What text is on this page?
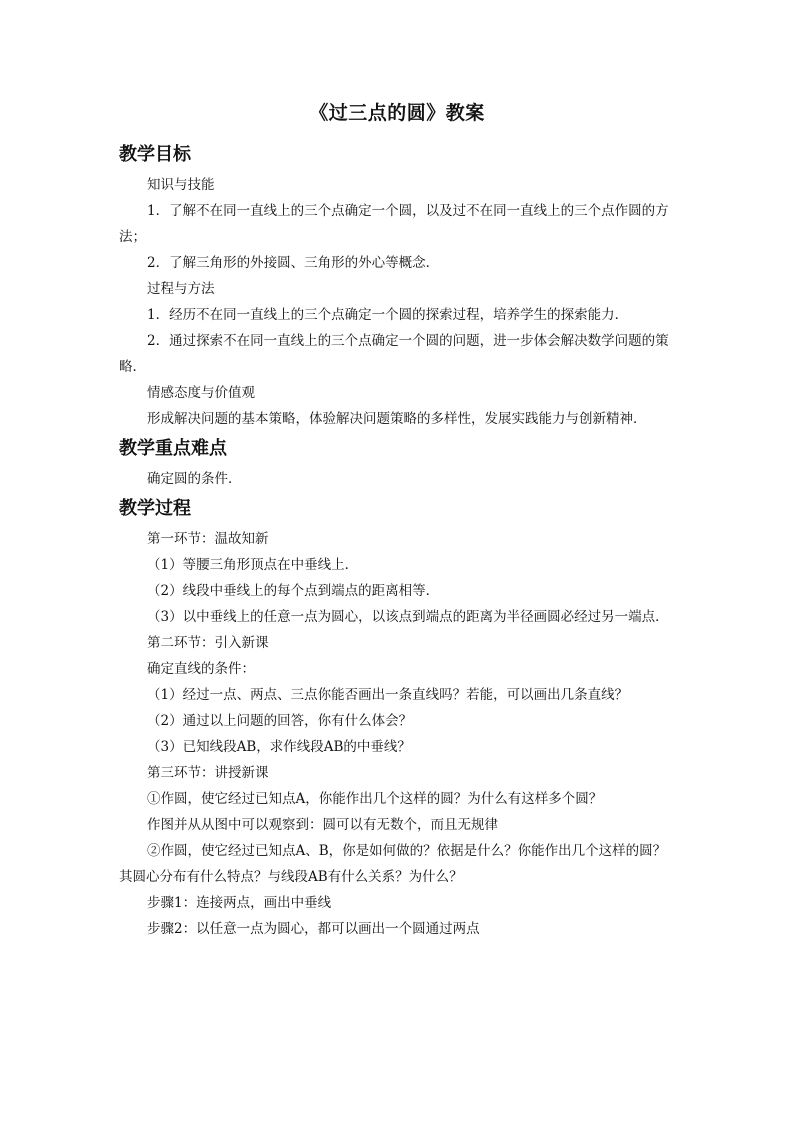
《过三点的圆》教案
教学目标
知识与技能

1．了解不在同一直线上的三个点确定一个圆，以及过不在同一直线上的三个点作圆的方法；

2．了解三角形的外接圆、三角形的外心等概念．

过程与方法

1．经历不在同一直线上的三个点确定一个圆的探索过程，培养学生的探索能力．

2．通过探索不在同一直线上的三个点确定一个圆的问题，进一步体会解决数学问题的策略．

情感态度与价值观

形成解决问题的基本策略，体验解决问题策略的多样性，发展实践能力与创新精神．

教学重点难点

确定圆的条件．

教学过程
第一环节：温故知新

（1）等腰三角形顶点在中垂线上．

（2）线段中垂线上的每个点到端点的距离相等．

（3）以中垂线上的任意一点为圆心，以该点到端点的距离为半径画圆必经过另一端点．

第二环节：引入新课

确定直线的条件：

（1）经过一点、两点、三点你能否画出一条直线吗？若能，可以画出几条直线？

（2）通过以上问题的回答，你有什么体会？

（3）已知线段AB，求作线段AB的中垂线？

第三环节：讲授新课

①作圆，使它经过已知点A，你能作出几个这样的圆？为什么有这样多个圆？

作图并从从图中可以观察到：圆可以有无数个，而且无规律

②作圆，使它经过已知点A、B，你是如何做的？依据是什么？你能作出几个这样的圆？其圆心分布有什么特点？与线段AB有什么关系？为什么？

步骤1：连接两点，画出中垂线

步骤2：以任意一点为圆心，都可以画出一个圆通过两点
